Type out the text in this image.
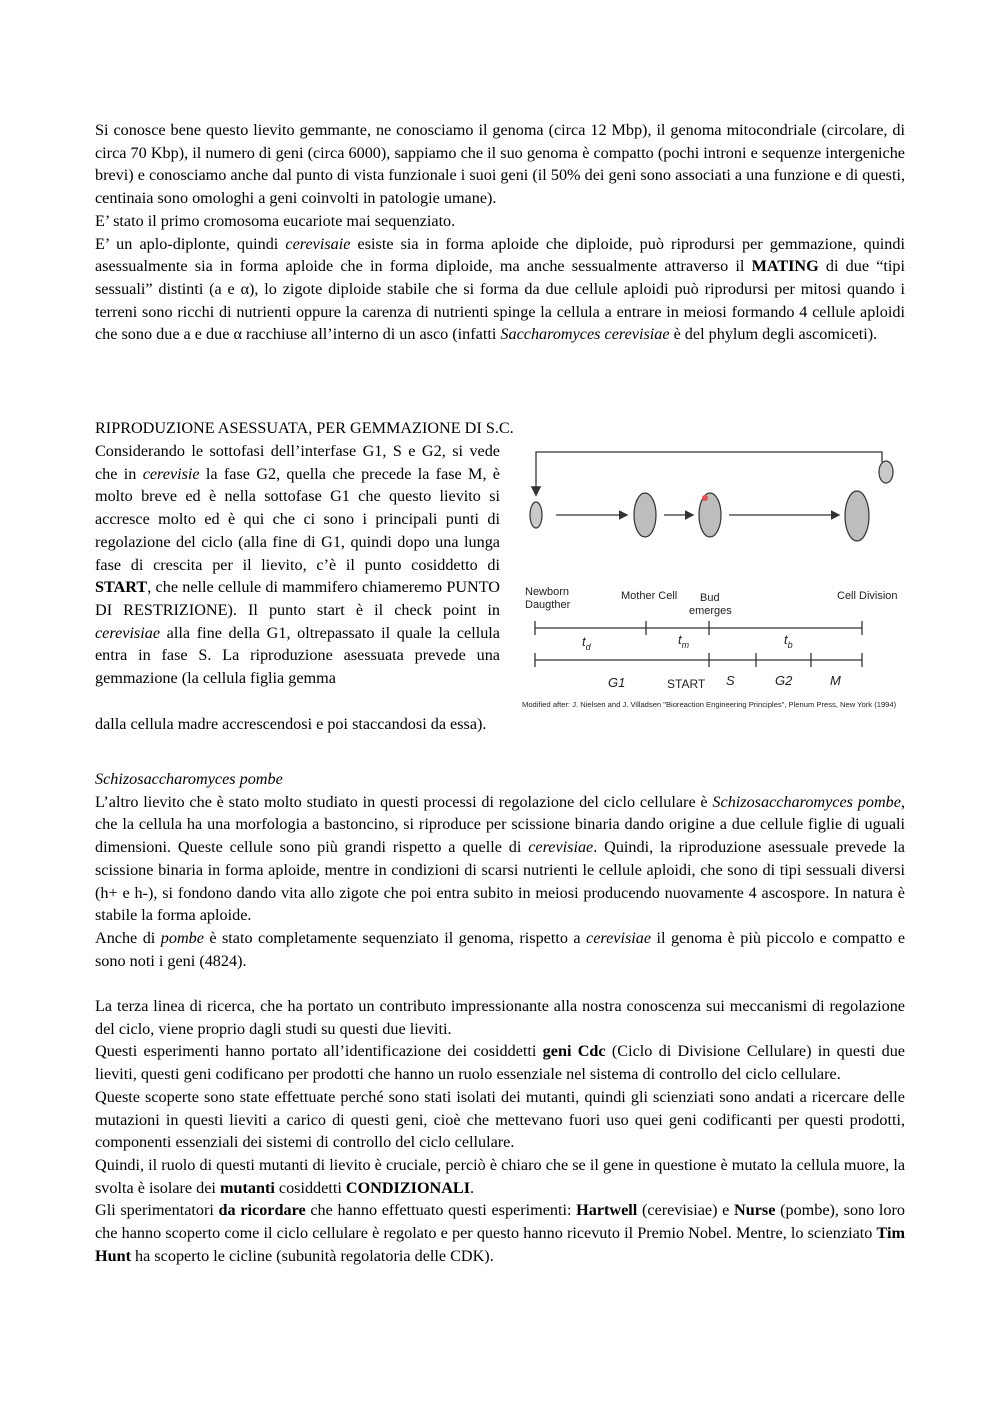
Si conosce bene questo lievito gemmante, ne conosciamo il genoma (circa 12 Mbp), il genoma mitocondriale (circolare, di circa 70 Kbp), il numero di geni (circa 6000), sappiamo che il suo genoma è compatto (pochi introni e sequenze intergeniche brevi) e conosciamo anche dal punto di vista funzionale i suoi geni (il 50% dei geni sono associati a una funzione e di questi, centinaia sono omologhi a geni coinvolti in patologie umane).

E’ stato il primo cromosoma eucariote mai sequenziato.

E’ un aplo-diplonte, quindi cerevisaie esiste sia in forma aploide che diploide, può riprodursi per gemmazione, quindi asessualmente sia in forma aploide che in forma diploide, ma anche sessualmente attraverso il MATING di due “tipi sessuali” distinti (a e α), lo zigote diploide stabile che si forma da due cellule aploidi può riprodursi per mitosi quando i terreni sono ricchi di nutrienti oppure la carenza di nutrienti spinge la cellula a entrare in meiosi formando 4 cellule aploidi che sono due a e due α racchiuse all’interno di un asco (infatti Saccharomyces cerevisiae è del phylum degli ascomiceti).

RIPRODUZIONE ASESSUATA, PER GEMMAZIONE DI S.C.
Considerando le sottofasi dell’interfase G1, S e G2, si vede che in cerevisie la fase G2, quella che precede la fase M, è molto breve ed è nella sottofase G1 che questo lievito si accresce molto ed è qui che ci sono i principali punti di regolazione del ciclo (alla fine di G1, quindi dopo una lunga fase di crescita per il lievito, c’è il punto cosiddetto di START, che nelle cellule di mammifero chiameremo PUNTO DI RESTRIZIONE). Il punto start è il check point in cerevisiae alla fine della G1, oltrepassato il quale la cellula entra in fase S. La riproduzione asessuata prevede una gemmazione (la cellula figlia gemma
dalla cellula madre accrescendosi e poi staccandosi da essa).
Newborn
Daugther
Mother Cell Bud
emerges
Cell Division
$t_d$	$t_m$	$t_b$
G1	START S	G2	M
Modified after: J. Nielsen and J. Villadsen "Bioreaction Engineering Principles", Plenum Press, New York (1994)

Schizosaccharomyces pombe

L’altro lievito che è stato molto studiato in questi processi di regolazione del ciclo cellulare è Schizosaccharomyces pombe, che la cellula ha una morfologia a bastoncino, si riproduce per scissione binaria dando origine a due cellule figlie di uguali dimensioni. Queste cellule sono più grandi rispetto a quelle di cerevisiae. Quindi, la riproduzione asessuale prevede la scissione binaria in forma aploide, mentre in condizioni di scarsi nutrienti le cellule aploidi, che sono di tipi sessuali diversi (h+ e h-), si fondono dando vita allo zigote che poi entra subito in meiosi producendo nuovamente 4 ascospore. In natura è stabile la forma aploide.

Anche di pombe è stato completamente sequenziato il genoma, rispetto a cerevisiae il genoma è più piccolo e compatto e sono noti i geni (4824).

La terza linea di ricerca, che ha portato un contributo impressionante alla nostra conoscenza sui meccanismi di regolazione del ciclo, viene proprio dagli studi su questi due lieviti.

Questi esperimenti hanno portato all’identificazione dei cosiddetti geni Cdc (Ciclo di Divisione Cellulare) in questi due lieviti, questi geni codificano per prodotti che hanno un ruolo essenziale nel sistema di controllo del ciclo cellulare.

Queste scoperte sono state effettuate perché sono stati isolati dei mutanti, quindi gli scienziati sono andati a ricercare delle mutazioni in questi lieviti a carico di questi geni, cioè che mettevano fuori uso quei geni codificanti per questi prodotti, componenti essenziali dei sistemi di controllo del ciclo cellulare.

Quindi, il ruolo di questi mutanti di lievito è cruciale, perciò è chiaro che se il gene in questione è mutato la cellula muore, la svolta è isolare dei mutanti cosiddetti CONDIZIONALI.

Gli sperimentatori da ricordare che hanno effettuato questi esperimenti: Hartwell (cerevisiae) e Nurse (pombe), sono loro che hanno scoperto come il ciclo cellulare è regolato e per questo hanno ricevuto il Premio Nobel. Mentre, lo scienziato Tim Hunt ha scoperto le cicline (subunità regolatoria delle CDK).
